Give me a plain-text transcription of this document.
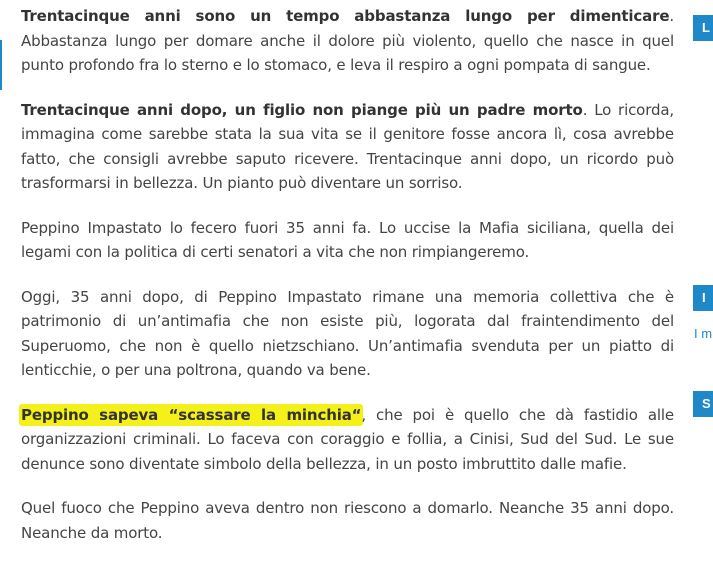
Trentacinque anni sono un tempo abbastanza lungo per dimenticare. Abbastanza lungo per domare anche il dolore più violento, quello che nasce in quel punto profondo fra lo sterno e lo stomaco, e leva il respiro a ogni pompata di sangue.

Trentacinque anni dopo, un figlio non piange più un padre morto. Lo ricorda, immagina come sarebbe stata la sua vita se il genitore fosse ancora lì, cosa avrebbe fatto, che consigli avrebbe saputo ricevere. Trentacinque anni dopo, un ricordo può trasformarsi in bellezza. Un pianto può diventare un sorriso.

Peppino Impastato lo fecero fuori 35 anni fa. Lo uccise la Mafia siciliana, quella dei legami con la politica di certi senatori a vita che non rimpiangeremo.

Oggi, 35 anni dopo, di Peppino Impastato rimane una memoria collettiva che è patrimonio di un’antimafia che non esiste più, logorata dal fraintendimento del Superuomo, che non è quello nietzschiano. Un’antimafia svenduta per un piatto di lenticchie, o per una poltrona, quando va bene.

Peppino sapeva “scassare la minchia“, che poi è quello che dà fastidio alle organizzazioni criminali. Lo faceva con coraggio e follia, a Cinisi, Sud del Sud. Le sue denunce sono diventate simbolo della bellezza, in un posto imbruttito dalle mafie.

Quel fuoco che Peppino aveva dentro non riescono a domarlo. Neanche 35 anni dopo. Neanche da morto.

L
I
I m
S
